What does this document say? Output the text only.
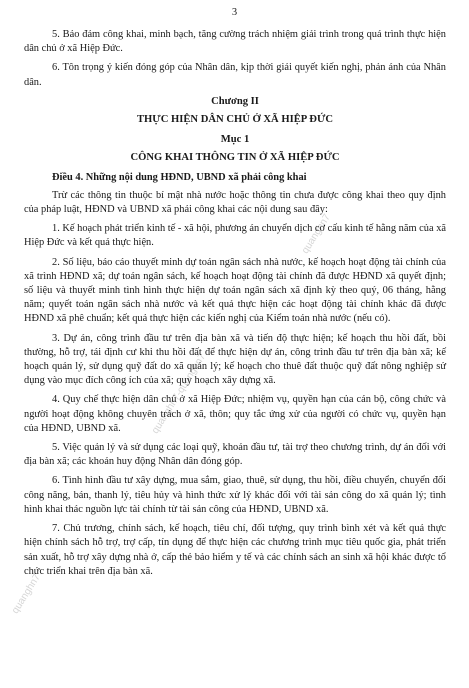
3
quanghn7
quanghn7-quanghn7
quanghn7

5. Bảo đảm công khai, minh bạch, tăng cường trách nhiệm giải trình trong quá trình thực hiện dân chủ ở xã Hiệp Đức.

6. Tôn trọng ý kiến đóng góp của Nhân dân, kịp thời giải quyết kiến nghị, phản ánh của Nhân dân.

Chương II

THỰC HIỆN DÂN CHỦ Ở XÃ HIỆP ĐỨC

Mục 1

CÔNG KHAI THÔNG TIN Ở XÃ HIỆP ĐỨC

Điều 4. Những nội dung HĐND, UBND xã phải công khai

Trừ các thông tin thuộc bí mật nhà nước hoặc thông tin chưa được công khai theo quy định của pháp luật, HĐND và UBND xã phải công khai các nội dung sau đây:

1. Kế hoạch phát triển kinh tế - xã hội, phương án chuyển dịch cơ cấu kinh tế hằng năm của xã Hiệp Đức và kết quả thực hiện.

2. Số liệu, báo cáo thuyết minh dự toán ngân sách nhà nước, kế hoạch hoạt động tài chính của xã trình HĐND xã; dự toán ngân sách, kế hoạch hoạt động tài chính đã được HĐND xã quyết định; số liệu và thuyết minh tình hình thực hiện dự toán ngân sách xã định kỳ theo quý, 06 tháng, hằng năm; quyết toán ngân sách nhà nước và kết quả thực hiện các hoạt động tài chính khác đã được HĐND xã phê chuẩn; kết quả thực hiện các kiến nghị của Kiểm toán nhà nước (nếu có).

3. Dự án, công trình đầu tư trên địa bàn xã và tiến độ thực hiện; kế hoạch thu hồi đất, bồi thường, hỗ trợ, tái định cư khi thu hồi đất để thực hiện dự án, công trình đầu tư trên địa bàn xã; kế hoạch quản lý, sử dụng quỹ đất do xã quản lý; kế hoạch cho thuê đất thuộc quỹ đất nông nghiệp sử dụng vào mục đích công ích của xã; quy hoạch xây dựng xã.

4. Quy chế thực hiện dân chủ ở xã Hiệp Đức; nhiệm vụ, quyền hạn của cán bộ, công chức và người hoạt động không chuyên trách ở xã, thôn; quy tắc ứng xử của người có chức vụ, quyền hạn của HĐND, UBND xã.

5. Việc quản lý và sử dụng các loại quỹ, khoản đầu tư, tài trợ theo chương trình, dự án đối với địa bàn xã; các khoản huy động Nhân dân đóng góp.

6. Tình hình đầu tư xây dựng, mua sắm, giao, thuê, sử dụng, thu hồi, điều chuyển, chuyển đổi công năng, bán, thanh lý, tiêu hủy và hình thức xử lý khác đối với tài sản công do xã quản lý; tình hình khai thác nguồn lực tài chính từ tài sản công của HĐND, UBND xã.

7. Chủ trương, chính sách, kế hoạch, tiêu chí, đối tượng, quy trình bình xét và kết quả thực hiện chính sách hỗ trợ, trợ cấp, tín dụng để thực hiện các chương trình mục tiêu quốc gia, phát triển sản xuất, hỗ trợ xây dựng nhà ở, cấp thẻ bảo hiểm y tế và các chính sách an sinh xã hội khác được tổ chức triển khai trên địa bàn xã.
